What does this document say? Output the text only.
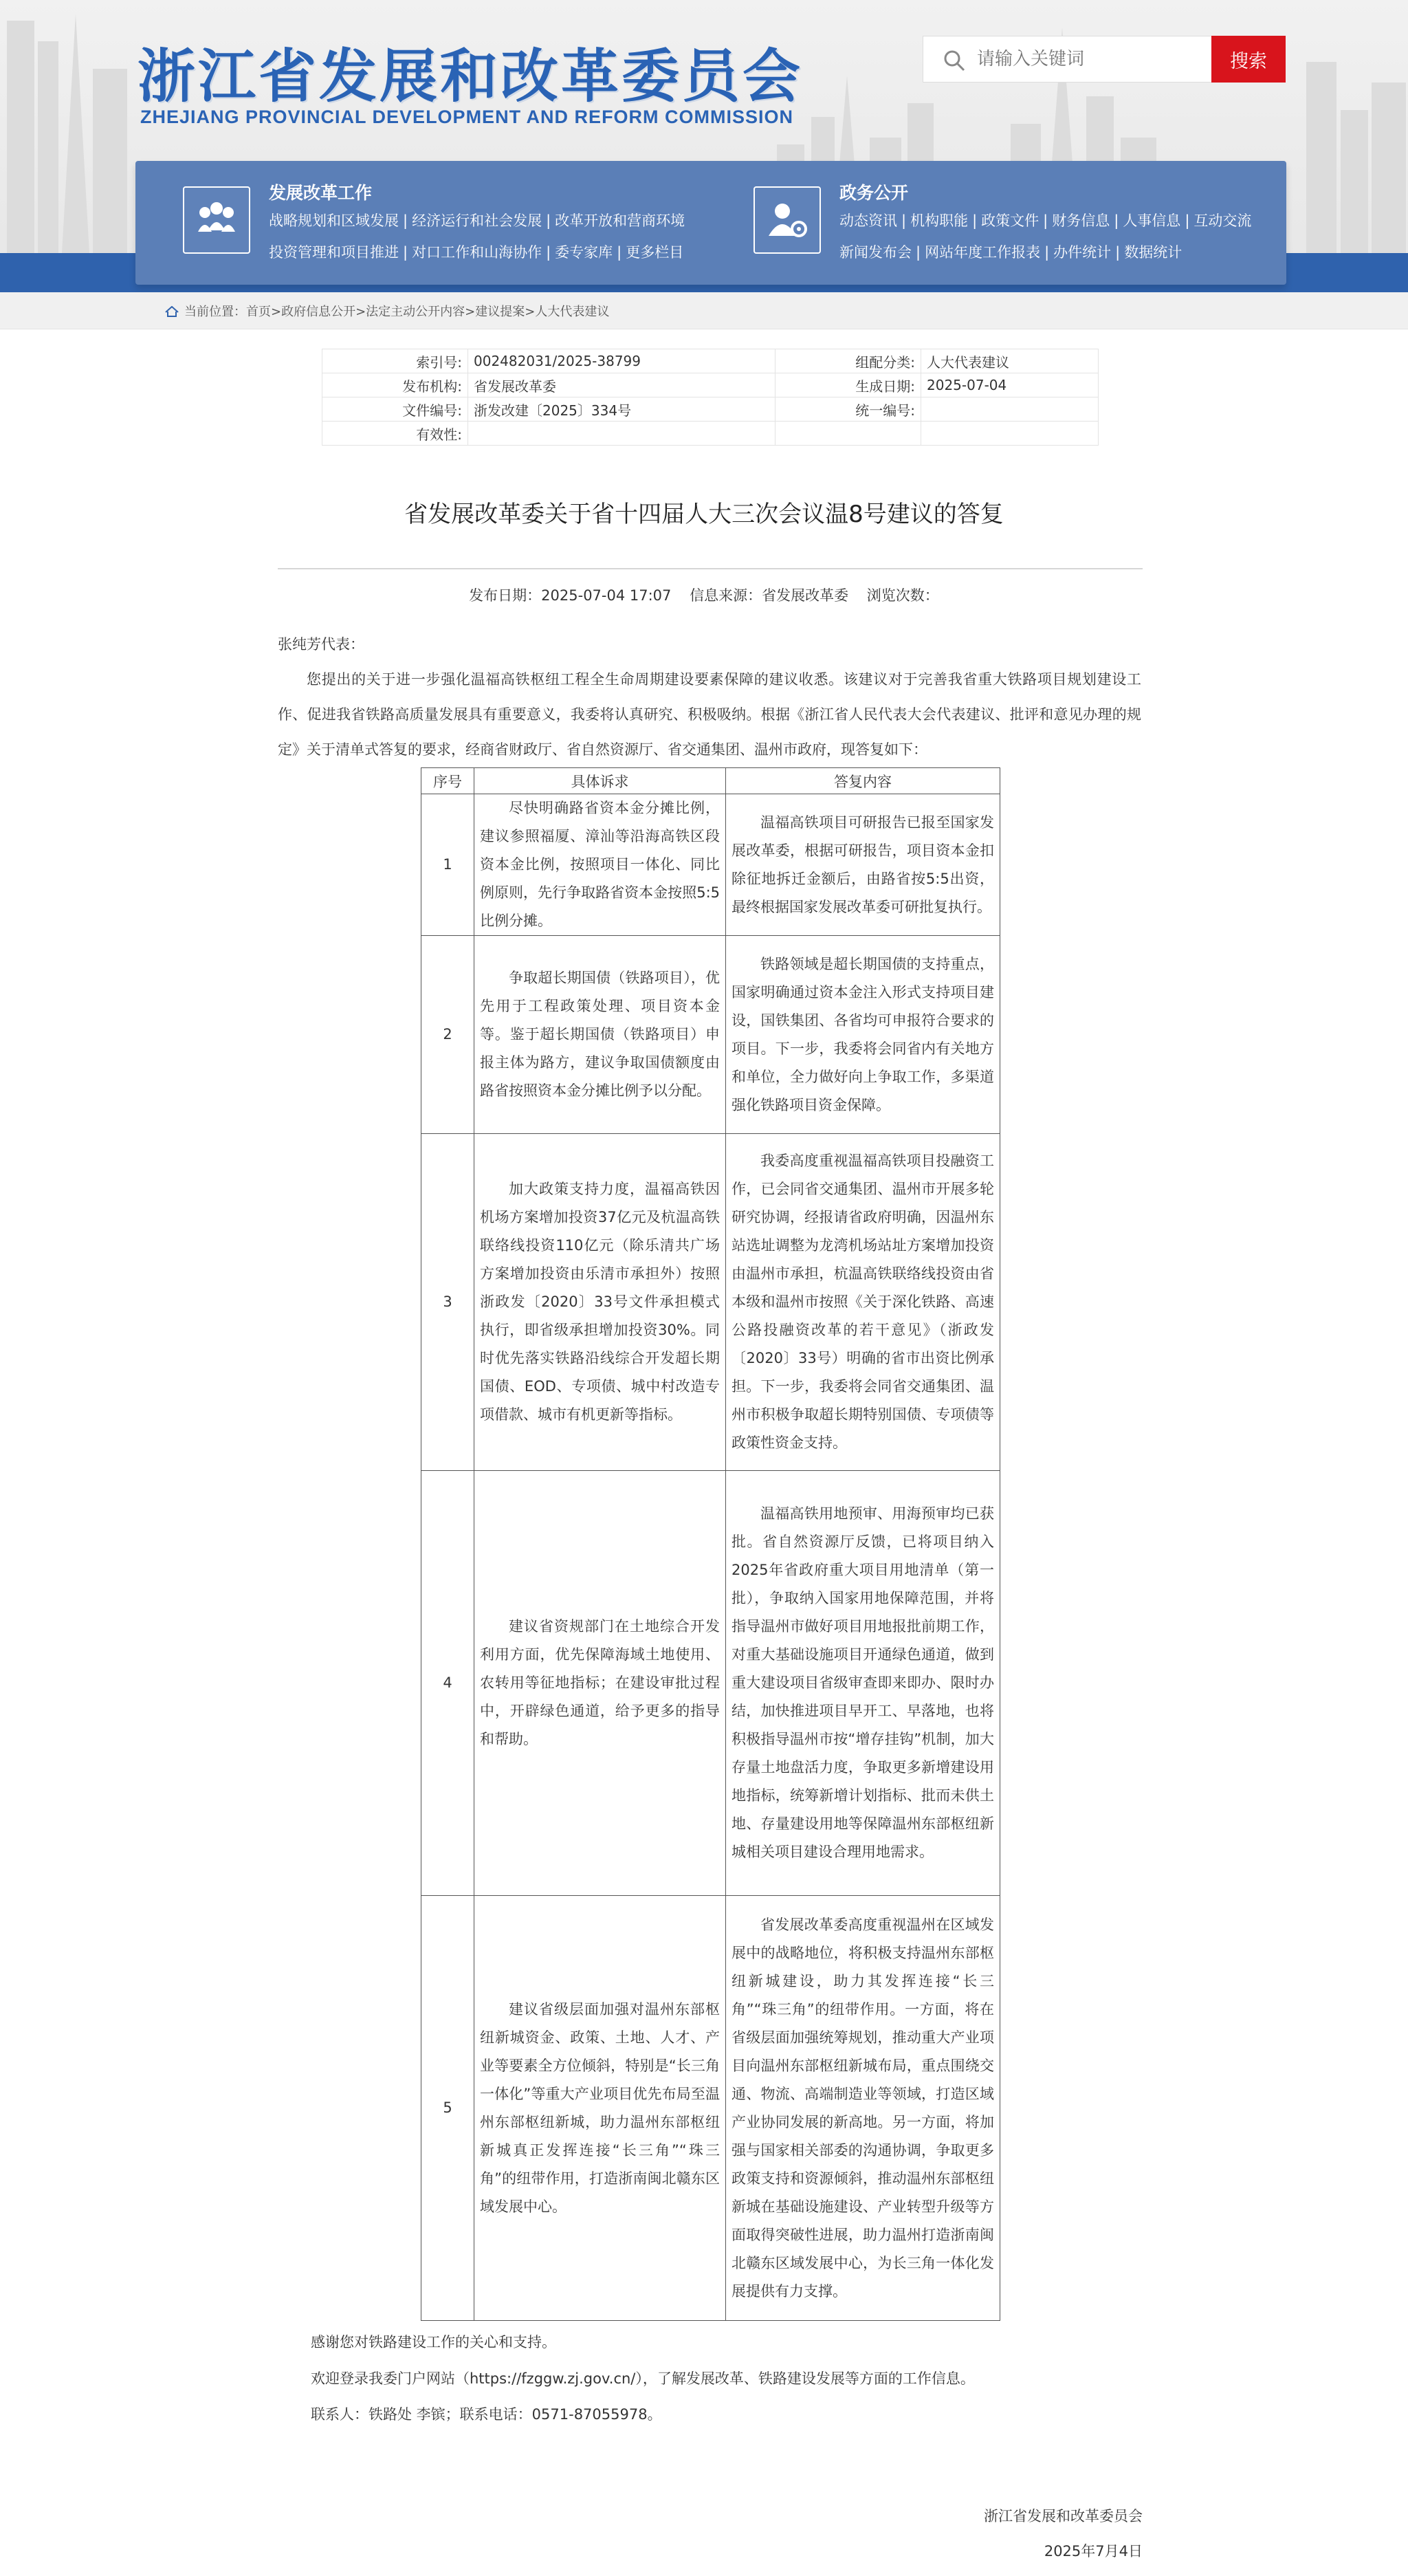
浙江省发展和改革委员会
ZHEJIANG PROVINCIAL DEVELOPMENT AND REFORM COMMISSION
请输入关键词
搜索
发展改革工作
战略规划和区域发展 | 经济运行和社会发展 | 改革开放和营商环境
投资管理和项目推进 | 对口工作和山海协作 | 委专家库 | 更多栏目
政务公开
动态资讯 | 机构职能 | 政策文件 | 财务信息 | 人事信息 | 互动交流
新闻发布会 | 网站年度工作报表 | 办件统计 | 数据统计
当前位置：首页>政府信息公开>法定主动公开内容>建议提案>人大代表建议
索引号:	002482031/2025-38799	组配分类:	人大代表建议
发布机构:	省发展改革委	生成日期:	2025-07-04
文件编号:	浙发改建〔2025〕334号	统一编号:	
有效性:			
省发展改革委关于省十四届人大三次会议温8号建议的答复
发布日期：2025-07-04 17:07    信息来源：省发展改革委    浏览次数：
张纯芳代表：
您提出的关于进一步强化温福高铁枢纽工程全生命周期建设要素保障的建议收悉。该建议对于完善我省重大铁路项目规划建设工作、促进我省铁路高质量发展具有重要意义，我委将认真研究、积极吸纳。根据《浙江省人民代表大会代表建议、批评和意见办理的规定》关于清单式答复的要求，经商省财政厅、省自然资源厅、省交通集团、温州市政府，现答复如下：
序号	具体诉求	答复内容
1	尽快明确路省资本金分摊比例，建议参照福厦、漳汕等沿海高铁区段资本金比例，按照项目一体化、同比例原则，先行争取路省资本金按照5:5比例分摊。	温福高铁项目可研报告已报至国家发展改革委，根据可研报告，项目资本金扣除征地拆迁金额后，由路省按5:5出资，最终根据国家发展改革委可研批复执行。

2	争取超长期国债（铁路项目），优先用于工程政策处理、项目资本金等。鉴于超长期国债（铁路项目）申报主体为路方，建议争取国债额度由路省按照资本金分摊比例予以分配。	铁路领域是超长期国债的支持重点，国家明确通过资本金注入形式支持项目建设，国铁集团、各省均可申报符合要求的项目。下一步，我委将会同省内有关地方和单位，全力做好向上争取工作，多渠道强化铁路项目资金保障。

3	加大政策支持力度，温福高铁因机场方案增加投资37亿元及杭温高铁联络线投资110亿元（除乐清共广场方案增加投资由乐清市承担外）按照浙政发〔2020〕33号文件承担模式执行，即省级承担增加投资30%。同时优先落实铁路沿线综合开发超长期国债、EOD、专项债、城中村改造专项借款、城市有机更新等指标。	我委高度重视温福高铁项目投融资工作，已会同省交通集团、温州市开展多轮研究协调，经报请省政府明确，因温州东站选址调整为龙湾机场站址方案增加投资由温州市承担，杭温高铁联络线投资由省本级和温州市按照《关于深化铁路、高速公路投融资改革的若干意见》（浙政发〔2020〕33号）明确的省市出资比例承担。下一步，我委将会同省交通集团、温州市积极争取超长期特别国债、专项债等政策性资金支持。

4	建议省资规部门在土地综合开发利用方面，优先保障海域土地使用、农转用等征地指标；在建设审批过程中，开辟绿色通道，给予更多的指导和帮助。	温福高铁用地预审、用海预审均已获批。省自然资源厅反馈，已将项目纳入2025年省政府重大项目用地清单（第一批），争取纳入国家用地保障范围，并将指导温州市做好项目用地报批前期工作，对重大基础设施项目开通绿色通道，做到重大建设项目省级审查即来即办、限时办结，加快推进项目早开工、早落地，也将积极指导温州市按“增存挂钩”机制，加大存量土地盘活力度，争取更多新增建设用地指标，统筹新增计划指标、批而未供土地、存量建设用地等保障温州东部枢纽新城相关项目建设合理用地需求。

5	建议省级层面加强对温州东部枢纽新城资金、政策、土地、人才、产业等要素全方位倾斜，特别是“长三角一体化”等重大产业项目优先布局至温州东部枢纽新城，助力温州东部枢纽新城真正发挥连接“长三角”“珠三角”的纽带作用，打造浙南闽北赣东区域发展中心。	省发展改革委高度重视温州在区域发展中的战略地位，将积极支持温州东部枢纽新城建设，助力其发挥连接“长三角”“珠三角”的纽带作用。一方面，将在省级层面加强统筹规划，推动重大产业项目向温州东部枢纽新城布局，重点围绕交通、物流、高端制造业等领域，打造区域产业协同发展的新高地。另一方面，将加强与国家相关部委的沟通协调，争取更多政策支持和资源倾斜，推动温州东部枢纽新城在基础设施建设、产业转型升级等方面取得突破性进展，助力温州打造浙南闽北赣东区域发展中心，为长三角一体化发展提供有力支撑。
感谢您对铁路建设工作的关心和支持。
欢迎登录我委门户网站（https://fzggw.zj.gov.cn/），了解发展改革、铁路建设发展等方面的工作信息。
联系人：铁路处 李镔；联系电话：0571-87055978。
浙江省发展和改革委员会
2025年7月4日
